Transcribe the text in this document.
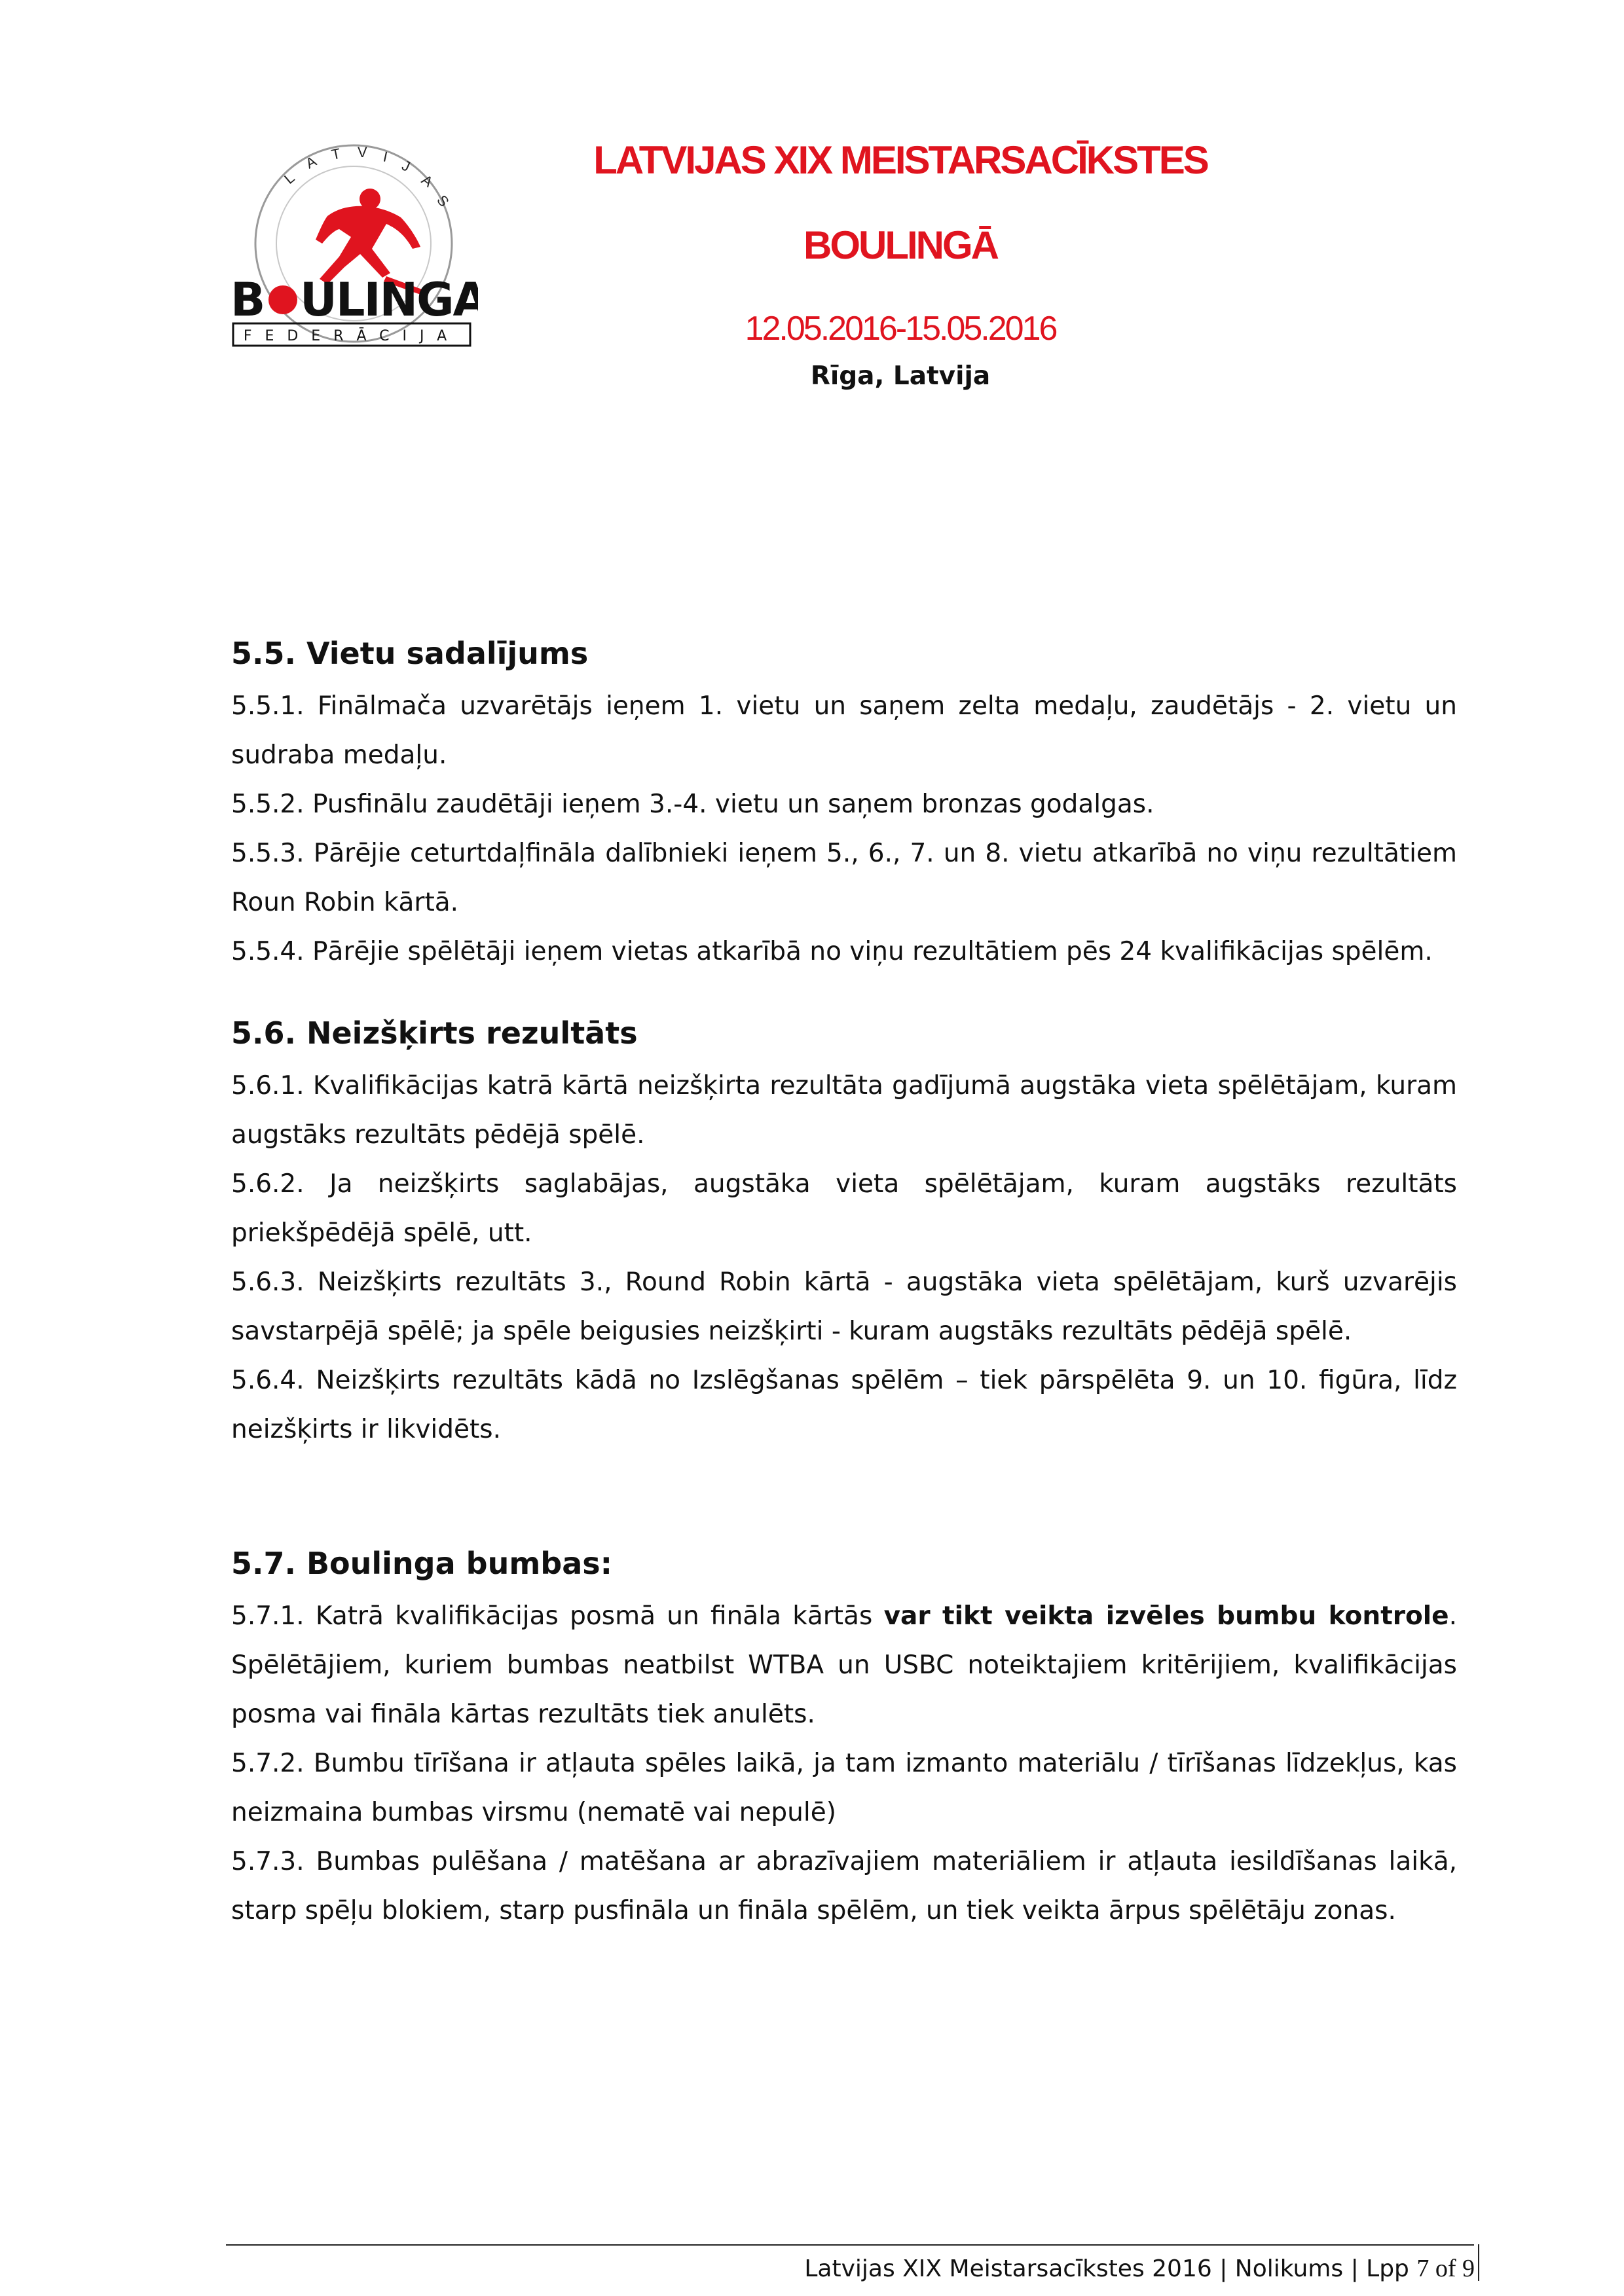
L
A T V I
J
A
S
B ULINGA
FEDERĀCIJA
LATVIJAS XIX MEISTARSACĪKSTES
BOULINGĀ
12.05.2016-15.05.2016
Rīga, Latvija
5.5. Vietu sadalījums

5.5.1. Finālmača uzvarētājs ieņem 1. vietu un saņem zelta medaļu, zaudētājs - 2. vietu un sudraba medaļu.

5.5.2. Pusfinālu zaudētāji ieņem 3.-4. vietu un saņem bronzas godalgas.

5.5.3. Pārējie ceturtdaļfināla dalībnieki ieņem 5., 6., 7. un 8. vietu atkarībā no viņu rezultātiem Roun Robin kārtā.

5.5.4. Pārējie spēlētāji ieņem vietas atkarībā no viņu rezultātiem pēs 24 kvalifikācijas spēlēm.

5.6. Neizšķirts rezultāts

5.6.1. Kvalifikācijas katrā kārtā neizšķirta rezultāta gadījumā augstāka vieta spēlētājam, kuram augstāks rezultāts pēdējā spēlē.

5.6.2. Ja neizšķirts saglabājas, augstāka vieta spēlētājam, kuram augstāks rezultāts priekšpēdējā spēlē, utt.

5.6.3. Neizšķirts rezultāts 3., Round Robin kārtā - augstāka vieta spēlētājam, kurš uzvarējis savstarpējā spēlē; ja spēle beigusies neizšķirti - kuram augstāks rezultāts pēdējā spēlē.

5.6.4. Neizšķirts rezultāts kādā no Izslēgšanas spēlēm – tiek pārspēlēta 9. un 10. figūra, līdz neizšķirts ir likvidēts.

5.7. Boulinga bumbas:

5.7.1. Katrā kvalifikācijas posmā un fināla kārtās var tikt veikta izvēles bumbu kontrole. Spēlētājiem, kuriem bumbas neatbilst WTBA un USBC noteiktajiem kritērijiem, kvalifikācijas posma vai fināla kārtas rezultāts tiek anulēts.

5.7.2. Bumbu tīrīšana ir atļauta spēles laikā, ja tam izmanto materiālu / tīrīšanas līdzekļus, kas neizmaina bumbas virsmu (nematē vai nepulē)

5.7.3. Bumbas pulēšana / matēšana ar abrazīvajiem materiāliem ir atļauta iesildīšanas laikā, starp spēļu blokiem, starp pusfināla un fināla spēlēm, un tiek veikta ārpus spēlētāju zonas.

Latvijas XIX Meistarsacīkstes 2016 | Nolikums | Lpp 7 of 9
